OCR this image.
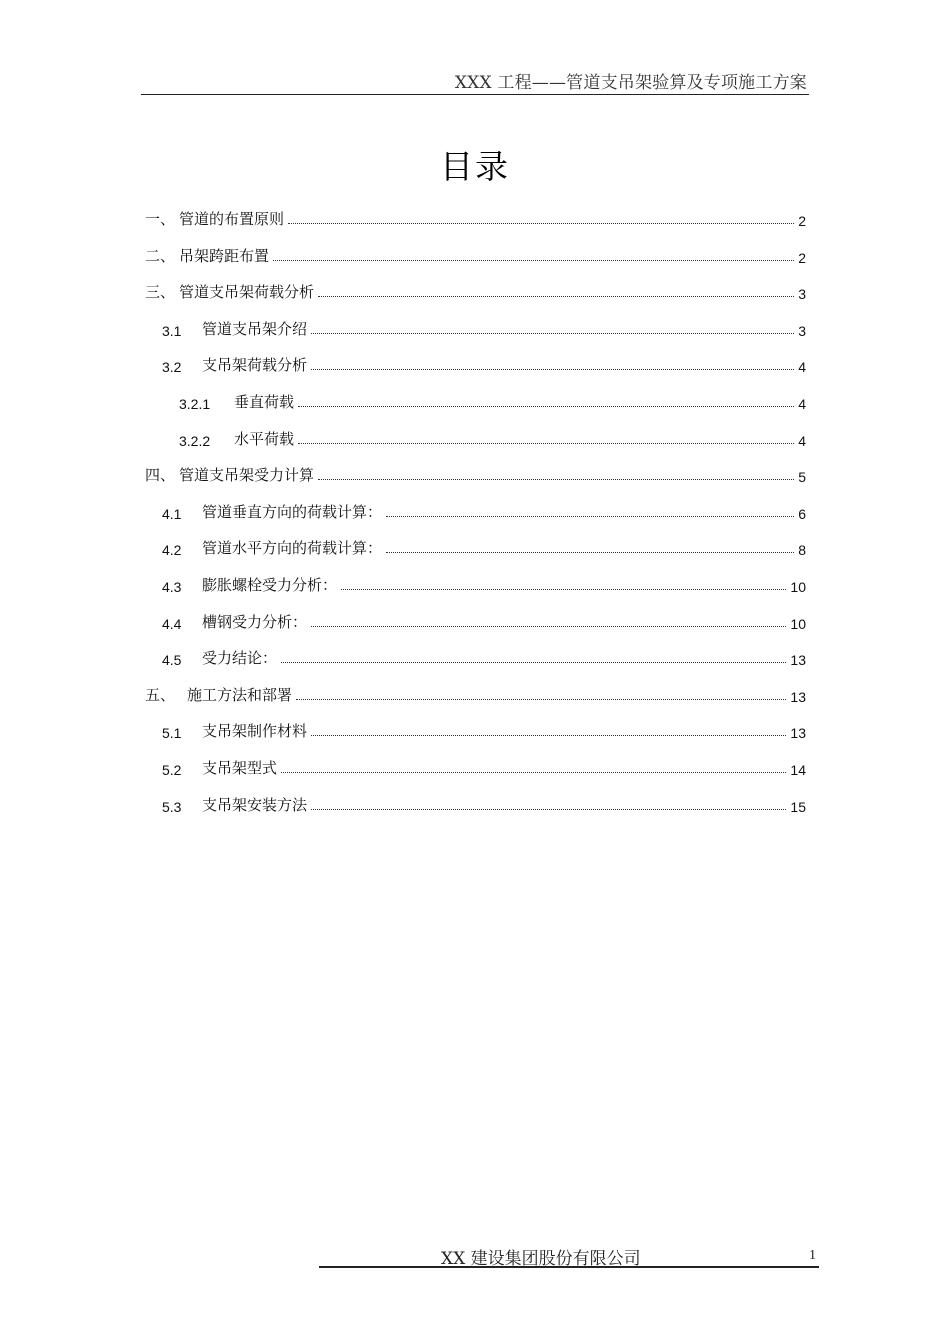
XXX 工程——管道支吊架验算及专项施工方案
目录
一、 管道的布置原则	2
二、 吊架跨距布置	2
三、 管道支吊架荷载分析	3
3.1	管道支吊架介绍	3
3.2	支吊架荷载分析	4
3.2.1	垂直荷载	4
3.2.2	水平荷载	4
四、 管道支吊架受力计算	5
4.1	管道垂直方向的荷载计算：	6
4.2	管道水平方向的荷载计算：	8
4.3	膨胀螺栓受力分析：	10
4.4	槽钢受力分析：	10
4.5	受力结论：	13
五、 施工方法和部署	13
5.1	支吊架制作材料	13
5.2	支吊架型式	14
5.3	支吊架安装方法	15
XX 建设集团股份有限公司	1
